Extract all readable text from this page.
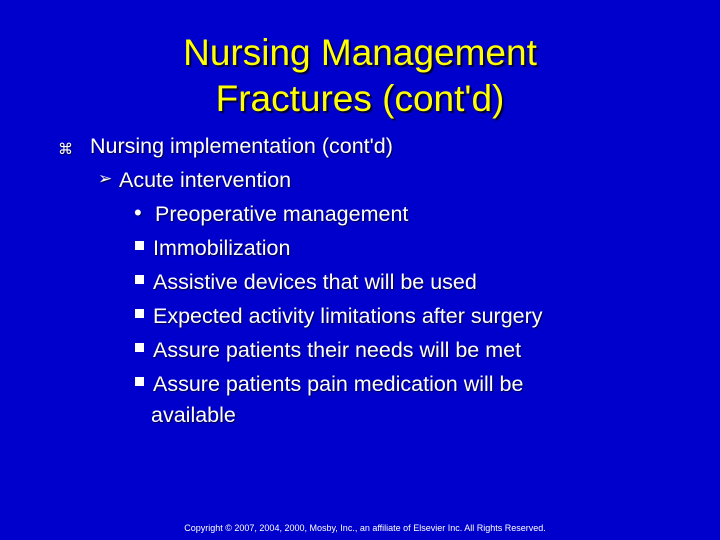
Nursing Management
Fractures (cont'd)
⌘ Nursing implementation (cont'd)
➢ Acute intervention
• Preoperative management
Immobilization
Assistive devices that will be used
Expected activity limitations after surgery
Assure patients their needs will be met
Assure patients pain medication will be
available
Copyright © 2007, 2004, 2000, Mosby, Inc., an affiliate of Elsevier Inc. All Rights Reserved.
